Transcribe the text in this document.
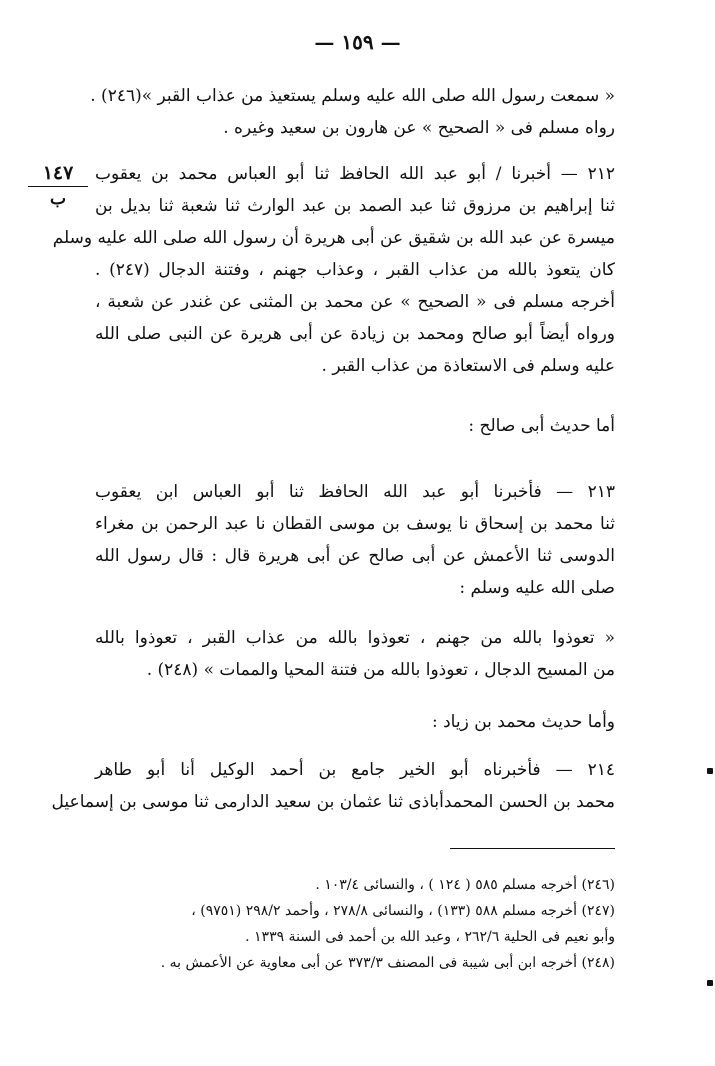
— ١٥٩ —
١٤٧
ب
« سمعت رسول الله صلى الله عليه وسلم يستعيذ من عذاب القبر »(٢٤٦) .
رواه مسلم فى « الصحيح » عن هارون بن سعيد وغيره .
٢١٢ — أخبرنا / أبو عبد الله الحافظ ثنا أبو العباس محمد بن يعقوب
ثنا إبراهيم بن مرزوق ثنا عبد الصمد بن عبد الوارث ثنا شعبة ثنا بديل بن
ميسرة عن عبد الله بن شقيق عن أبى هريرة أن رسول الله صلى الله عليه وسلم
كان يتعوذ بالله من عذاب القبر ، وعذاب جهنم ، وفتنة الدجال (٢٤٧) .
أخرجه مسلم فى « الصحيح » عن محمد بن المثنى عن غندر عن شعبة ،
ورواه أيضاً أبو صالح ومحمد بن زيادة عن أبى هريرة عن النبى صلى الله
عليه وسلم فى الاستعاذة من عذاب القبر .
أما حديث أبى صالح :
٢١٣ — فأخبرنا أبو عبد الله الحافظ ثنا أبو العباس ابن يعقوب
ثنا محمد بن إسحاق نا يوسف بن موسى القطان نا عبد الرحمن بن مغراء
الدوسى ثنا الأعمش عن أبى صالح عن أبى هريرة قال : قال رسول الله
صلى الله عليه وسلم :
« تعوذوا بالله من جهنم ، تعوذوا بالله من عذاب القبر ، تعوذوا بالله
من المسيح الدجال ، تعوذوا بالله من فتنة المحيا والممات » (٢٤٨) .
وأما حديث محمد بن زياد :
٢١٤ — فأخبرناه أبو الخير جامع بن أحمد الوكيل أنا أبو طاهر
محمد بن الحسن المحمدأباذى ثنا عثمان بن سعيد الدارمى ثنا موسى بن إسماعيل
(٢٤٦) أخرجه مسلم ٥٨٥ ( ١٢٤ ) ، والنسائى ١٠٣/٤ .
(٢٤٧) أخرجه مسلم ٥٨٨ (١٣٣) ، والنسائى ٢٧٨/٨ ، وأحمد ٢٩٨/٢ (٩٧٥١) ،
وأبو نعيم فى الحلية ٢٦٢/٦ ، وعبد الله بن أحمد فى السنة ١٣٣٩ .
(٢٤٨) أخرجه ابن أبى شيبة فى المصنف ٣٧٣/٣ عن أبى معاوية عن الأعمش به .
